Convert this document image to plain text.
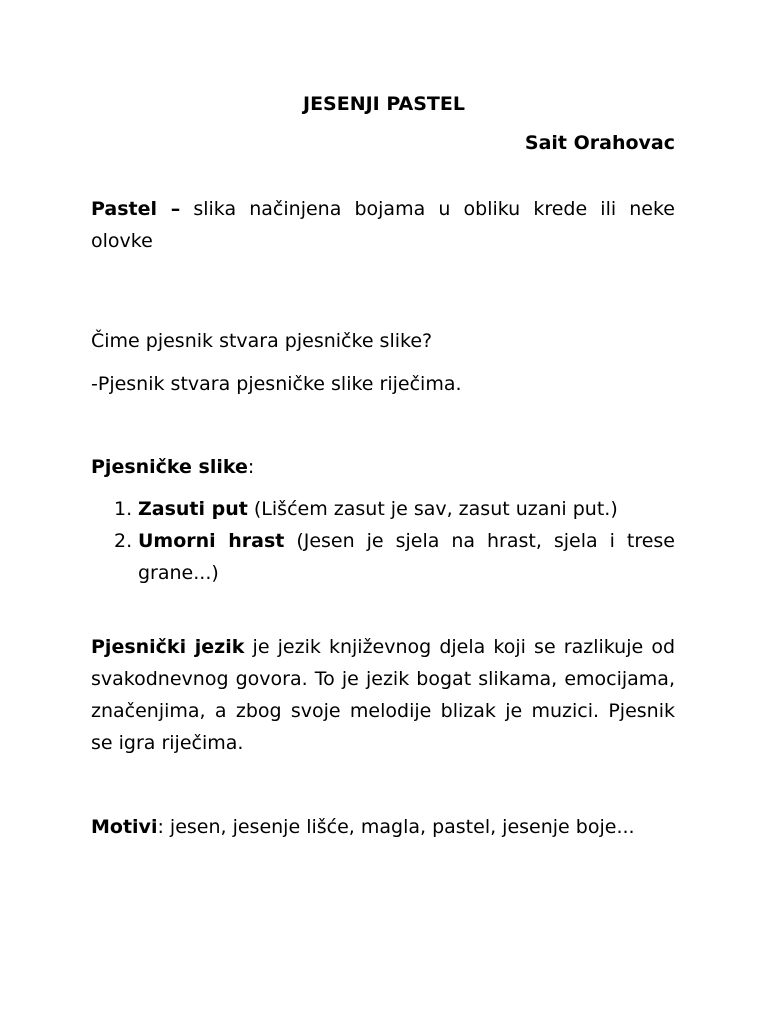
JESENJI PASTEL
Sait Orahovac

Pastel – slika načinjena bojama u obliku krede ili neke olovke

Čime pjesnik stvara pjesničke slike?

-Pjesnik stvara pjesničke slike riječima.

Pjesničke slike:

1. Zasuti put (Lišćem zasut je sav, zasut uzani put.)
2. Umorni hrast (Jesen je sjela na hrast, sjela i trese grane...)

Pjesnički jezik je jezik književnog djela koji se razlikuje od svakodnevnog govora. To je jezik bogat slikama, emocijama, značenjima, a zbog svoje melodije blizak je muzici. Pjesnik se igra riječima.

Motivi: jesen, jesenje lišće, magla, pastel, jesenje boje...
